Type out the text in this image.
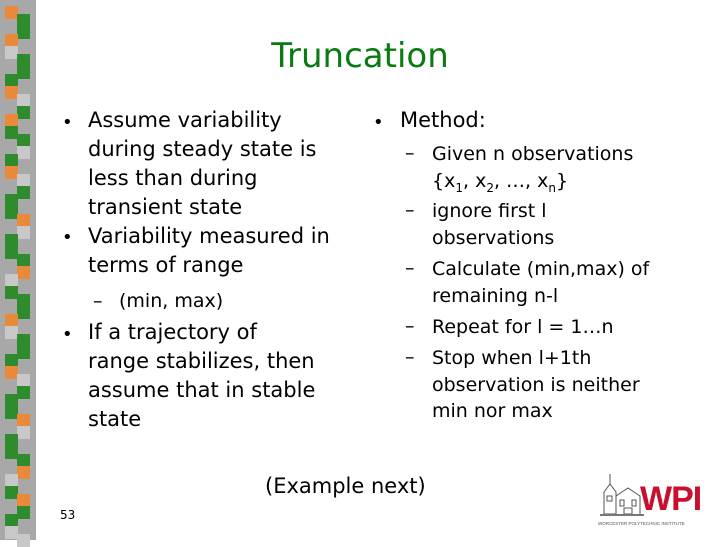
Truncation
• Assume variability
during steady state is
less than during
transient state
• Variability measured in
terms of range
– (min, max)
• If a trajectory of
range stabilizes, then
assume that in stable
state
• Method:
– Given n observations
{$x_1$, $x_2$, …, $x_n$}
– ignore first l
observations
– Calculate (min,max) of
remaining n-l
– Repeat for l = 1…n
– Stop when l+1th
observation is neither
min nor max
(Example next)
53	WPI
WORCESTER POLYTECHNIC INSTITUTE
